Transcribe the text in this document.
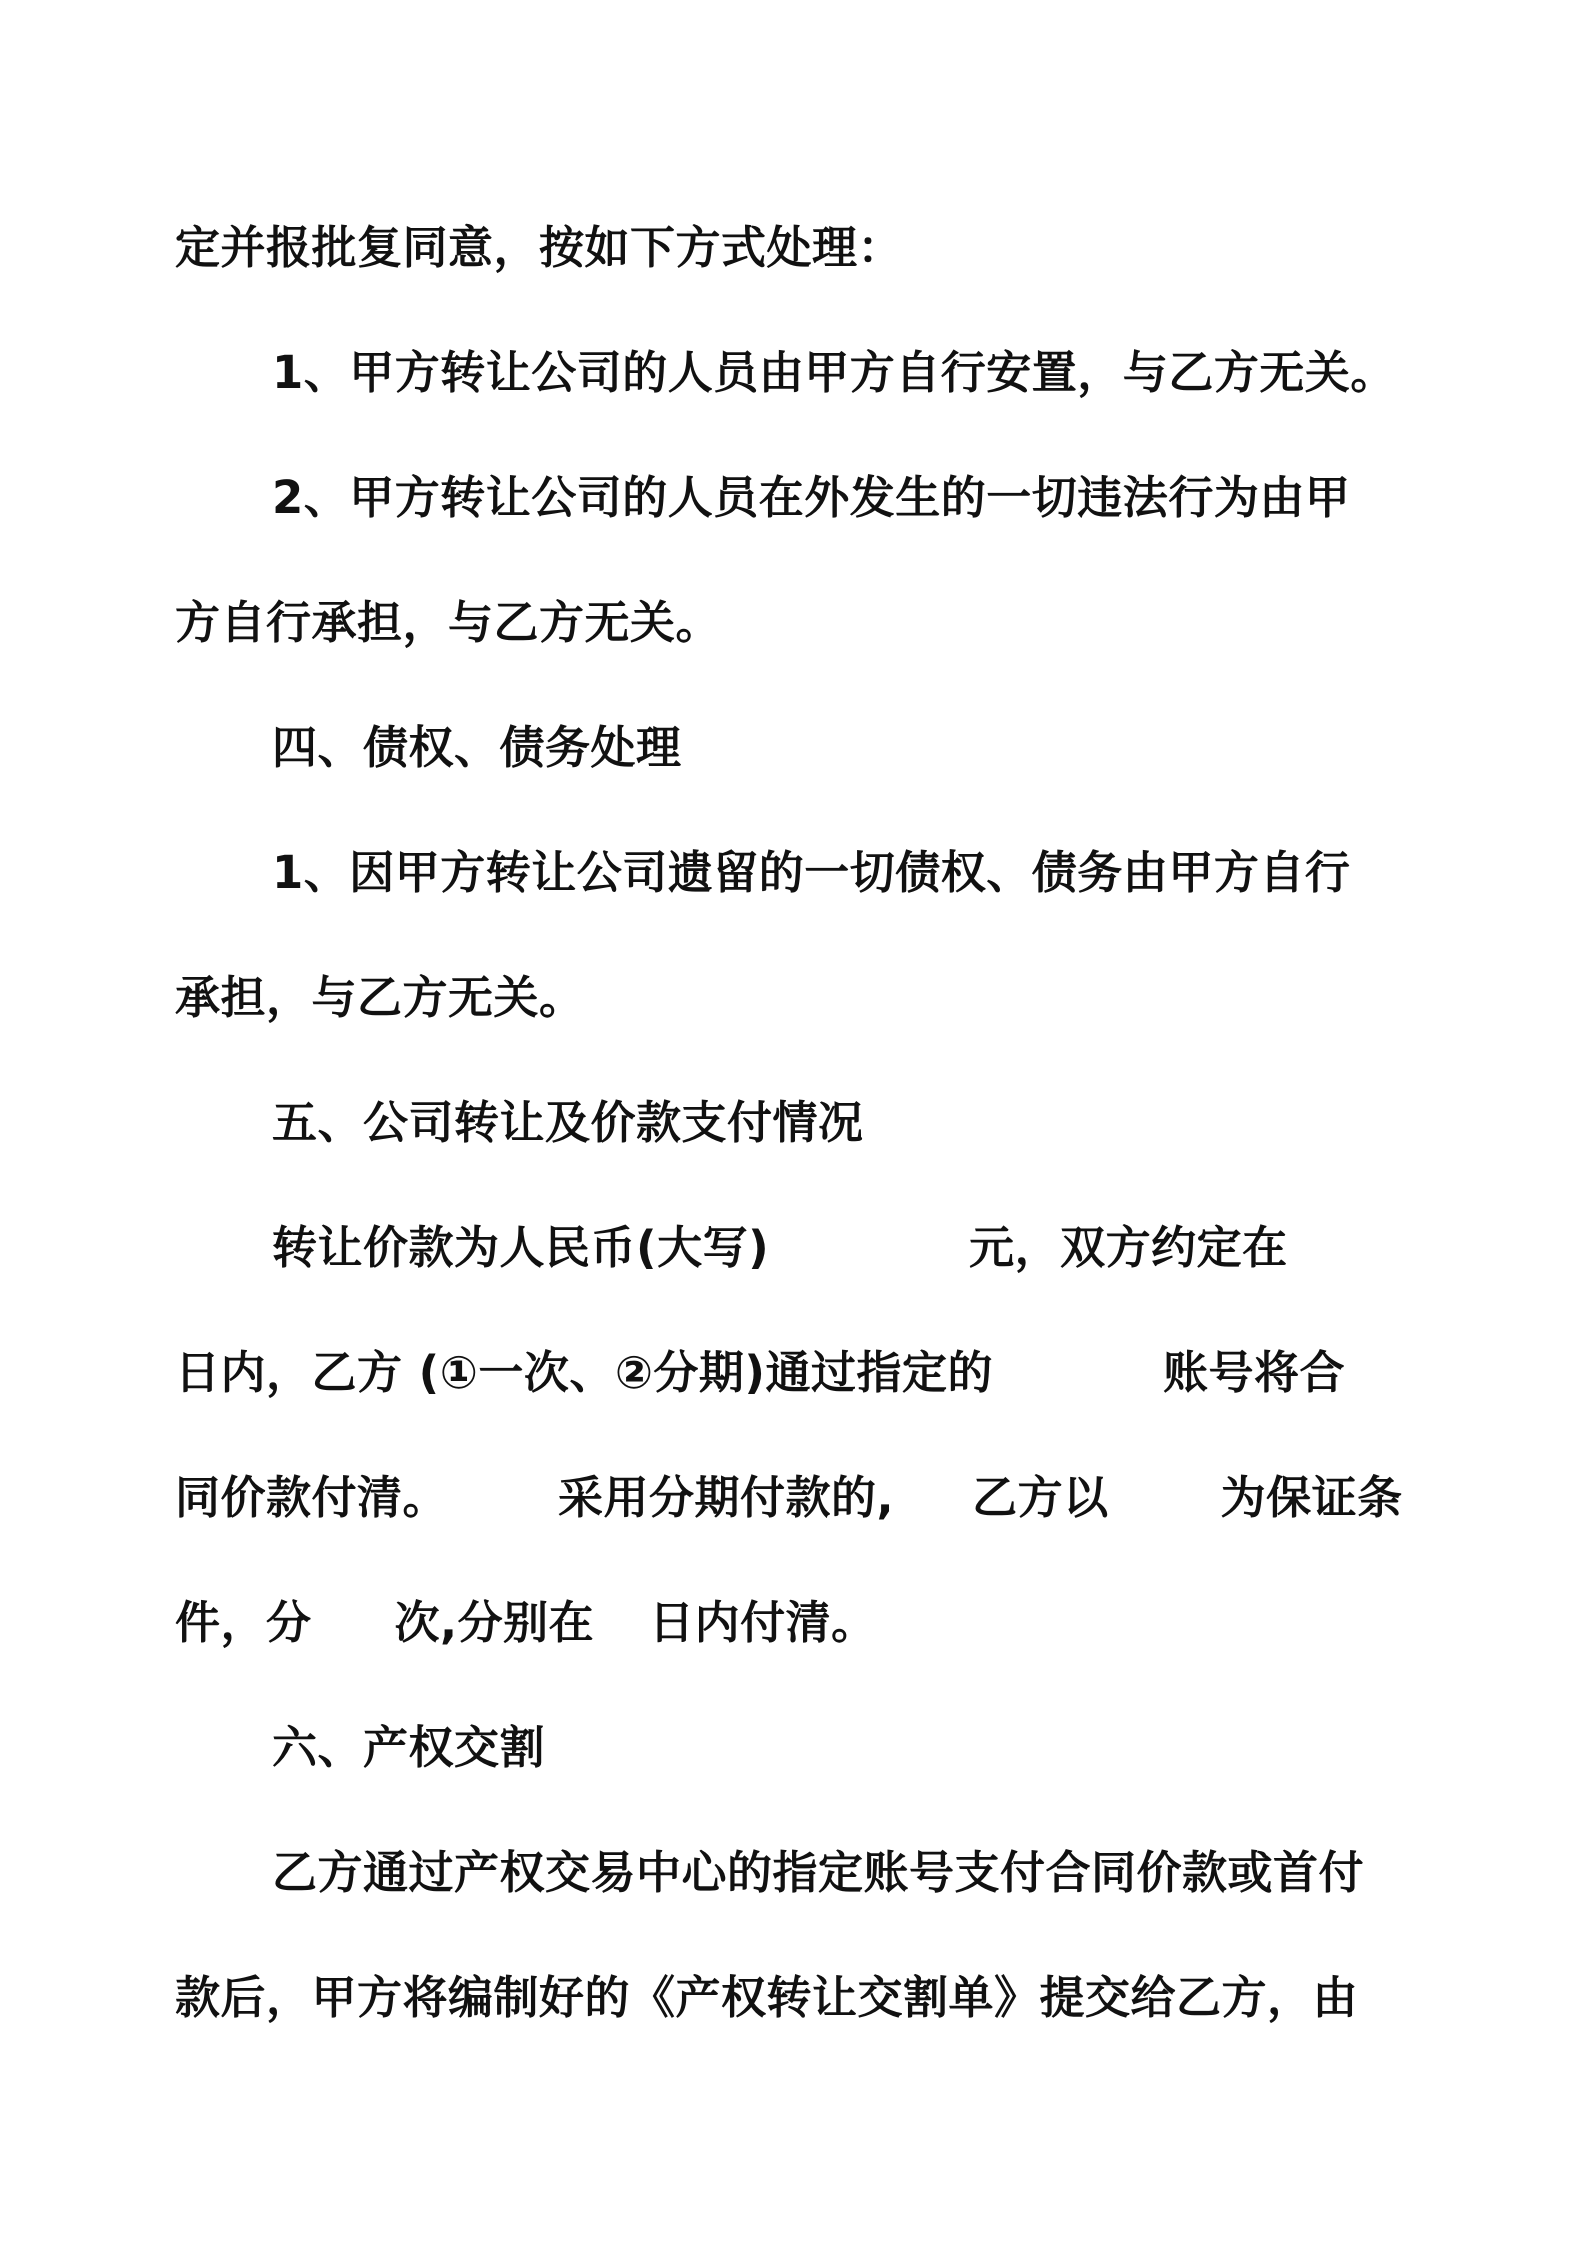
定并报批复同意，按如下方式处理：
1、甲方转让公司的人员由甲方自行安置，与乙方无关。
2、甲方转让公司的人员在外发生的一切违法行为由甲
方自行承担，与乙方无关。
四、债权、债务处理
1、因甲方转让公司遗留的一切债权、债务由甲方自行
承担，与乙方无关。
五、公司转让及价款支付情况
转让价款为人民币(大写)	元，双方约定在
日内，乙方 (①一次、②分期)通过指定的	账号将合
同价款付清。 采用分期付款的, 乙方以 为保证条
件，分 次,分别在 日内付清。
六、产权交割
乙方通过产权交易中心的指定账号支付合同价款或首付
款后，甲方将编制好的《产权转让交割单》提交给乙方，由
